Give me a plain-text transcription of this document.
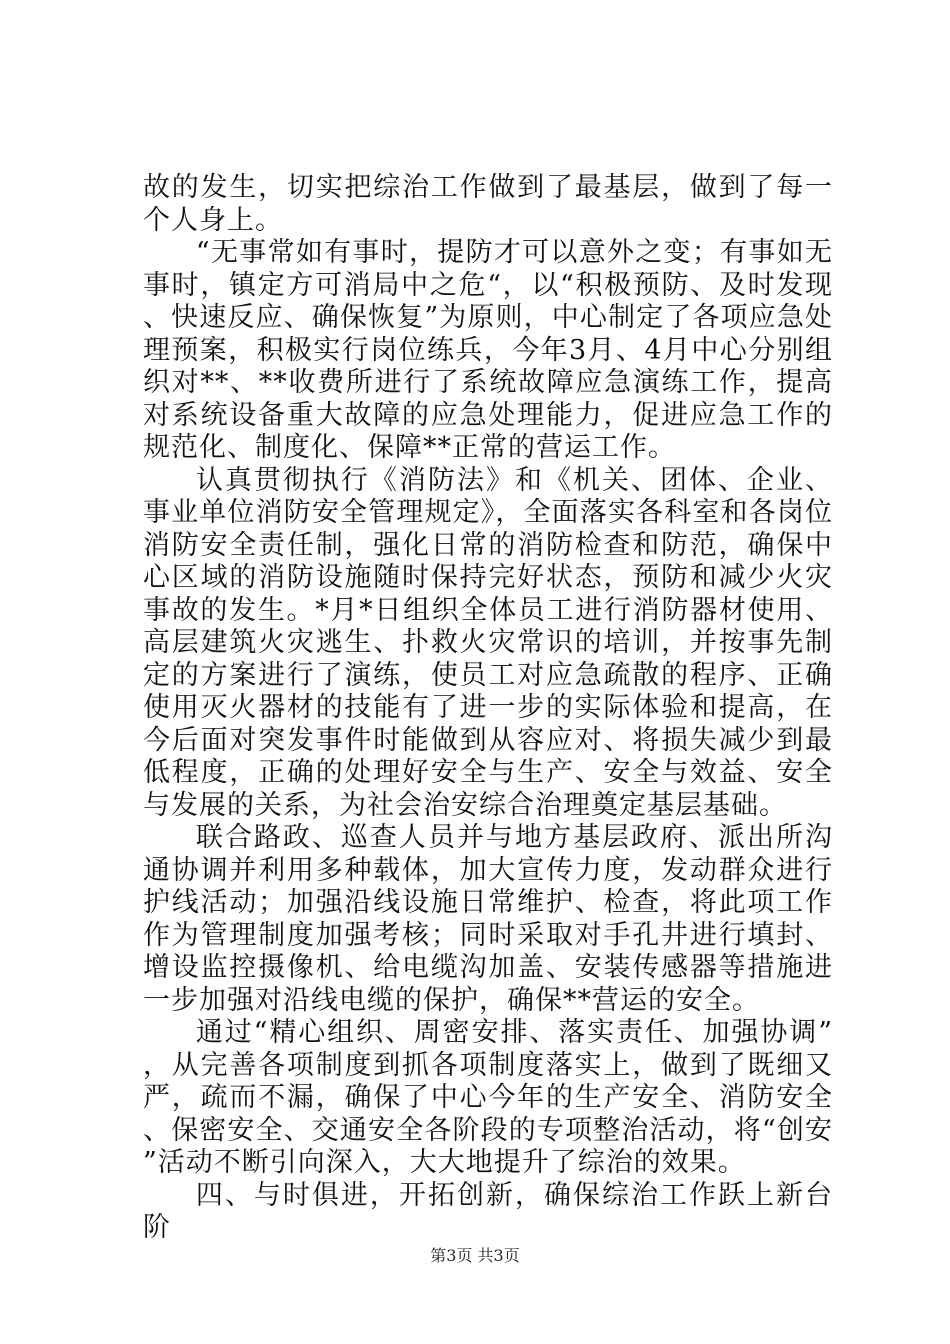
故的发生，切实把综治工作做到了最基层，做到了每一个人身上。

“无事常如有事时，提防才可以意外之变；有事如无事时，镇定方可消局中之危“，以“积极预防、及时发现、快速反应、确保恢复”为原则，中心制定了各项应急处理预案，积极实行岗位练兵，今年3月、4月中心分别组织对**、**收费所进行了系统故障应急演练工作，提高对系统设备重大故障的应急处理能力，促进应急工作的规范化、制度化、保障**正常的营运工作。

认真贯彻执行《消防法》和《机关、团体、企业、事业单位消防安全管理规定》，全面落实各科室和各岗位消防安全责任制，强化日常的消防检查和防范，确保中心区域的消防设施随时保持完好状态，预防和减少火灾事故的发生。*月*日组织全体员工进行消防器材使用、高层建筑火灾逃生、扑救火灾常识的培训，并按事先制定的方案进行了演练，使员工对应急疏散的程序、正确使用灭火器材的技能有了进一步的实际体验和提高，在今后面对突发事件时能做到从容应对、将损失减少到最低程度，正确的处理好安全与生产、安全与效益、安全与发展的关系，为社会治安综合治理奠定基层基础。

联合路政、巡查人员并与地方基层政府、派出所沟通协调并利用多种载体，加大宣传力度，发动群众进行护线活动；加强沿线设施日常维护、检查，将此项工作作为管理制度加强考核；同时采取对手孔井进行填封、增设监控摄像机、给电缆沟加盖、安装传感器等措施进一步加强对沿线电缆的保护，确保**营运的安全。

通过“精心组织、周密安排、落实责任、加强协调”，从完善各项制度到抓各项制度落实上，做到了既细又严，疏而不漏，确保了中心今年的生产安全、消防安全、保密安全、交通安全各阶段的专项整治活动，将“创安”活动不断引向深入，大大地提升了综治的效果。

四、与时俱进，开拓创新，确保综治工作跃上新台阶

第3页 共3页
